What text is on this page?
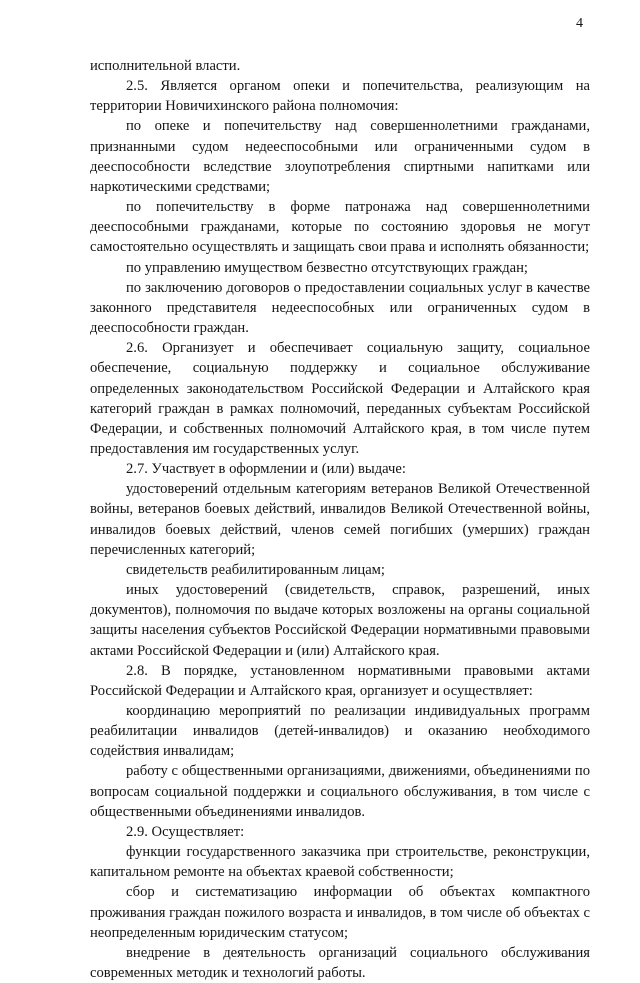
4

исполнительной власти.

2.5. Является органом опеки и попечительства, реализующим на территории Новичихинского района полномочия:

по опеке и попечительству над совершеннолетними гражданами, признанными судом недееспособными или ограниченными судом в дееспособности вследствие злоупотребления спиртными напитками или наркотическими средствами;

по попечительству в форме патронажа над совершеннолетними дееспособными гражданами, которые по состоянию здоровья не могут самостоятельно осуществлять и защищать свои права и исполнять обязанности;

по управлению имуществом безвестно отсутствующих граждан;

по заключению договоров о предоставлении социальных услуг в качестве законного представителя недееспособных или ограниченных судом в дееспособности граждан.

2.6. Организует и обеспечивает социальную защиту, социальное обеспечение, социальную поддержку и социальное обслуживание определенных законодательством Российской Федерации и Алтайского края категорий граждан в рамках полномочий, переданных субъектам Российской Федерации, и собственных полномочий Алтайского края, в том числе путем предоставления им государственных услуг.

2.7. Участвует в оформлении и (или) выдаче:

удостоверений отдельным категориям ветеранов Великой Отечественной войны, ветеранов боевых действий, инвалидов Великой Отечественной войны, инвалидов боевых действий, членов семей погибших (умерших) граждан перечисленных категорий;

свидетельств реабилитированным лицам;

иных удостоверений (свидетельств, справок, разрешений, иных документов), полномочия по выдаче которых возложены на органы социальной защиты населения субъектов Российской Федерации нормативными правовыми актами Российской Федерации и (или) Алтайского края.

2.8. В порядке, установленном нормативными правовыми актами Российской Федерации и Алтайского края, организует и осуществляет:

координацию мероприятий по реализации индивидуальных программ реабилитации инвалидов (детей-инвалидов) и оказанию необходимого содействия инвалидам;

работу с общественными организациями, движениями, объединениями по вопросам социальной поддержки и социального обслуживания, в том числе с общественными объединениями инвалидов.

2.9. Осуществляет:

функции государственного заказчика при строительстве, реконструкции, капитальном ремонте на объектах краевой собственности;

сбор и систематизацию информации об объектах компактного проживания граждан пожилого возраста и инвалидов, в том числе об объектах с неопределенным юридическим статусом;

внедрение в деятельность организаций социального обслуживания современных методик и технологий работы.
